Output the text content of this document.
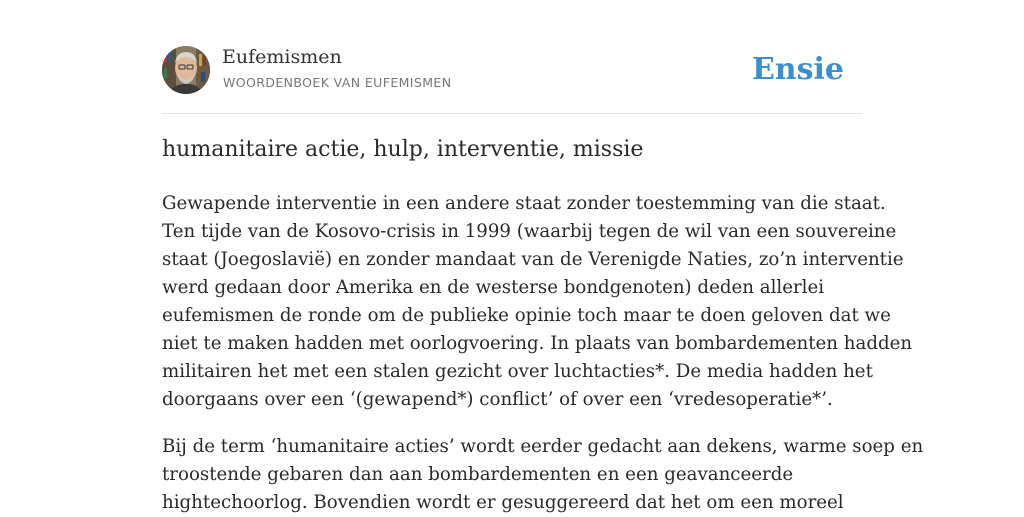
Eufemismen
WOORDENBOEK VAN EUFEMISMEN	Ensie
humanitaire actie, hulp, interventie, missie

Gewapende interventie in een andere staat zonder toestemming van die staat.
Ten tijde van de Kosovo-crisis in 1999 (waarbij tegen de wil van een souvereine
staat (Joegoslavië) en zonder mandaat van de Verenigde Naties, zo’n interventie
werd gedaan door Amerika en de westerse bondgenoten) deden allerlei
eufemismen de ronde om de publieke opinie toch maar te doen geloven dat we
niet te maken hadden met oorlogvoering. In plaats van bombardementen hadden
militairen het met een stalen gezicht over luchtacties*. De media hadden het
doorgaans over een ‘(gewapend*) conflict’ of over een ‘vredesoperatie*’.

Bij de term ‘humanitaire acties’ wordt eerder gedacht aan dekens, warme soep en
troostende gebaren dan aan bombardementen en een geavanceerde
hightechoorlog. Bovendien wordt er gesuggereerd dat het om een moreel
